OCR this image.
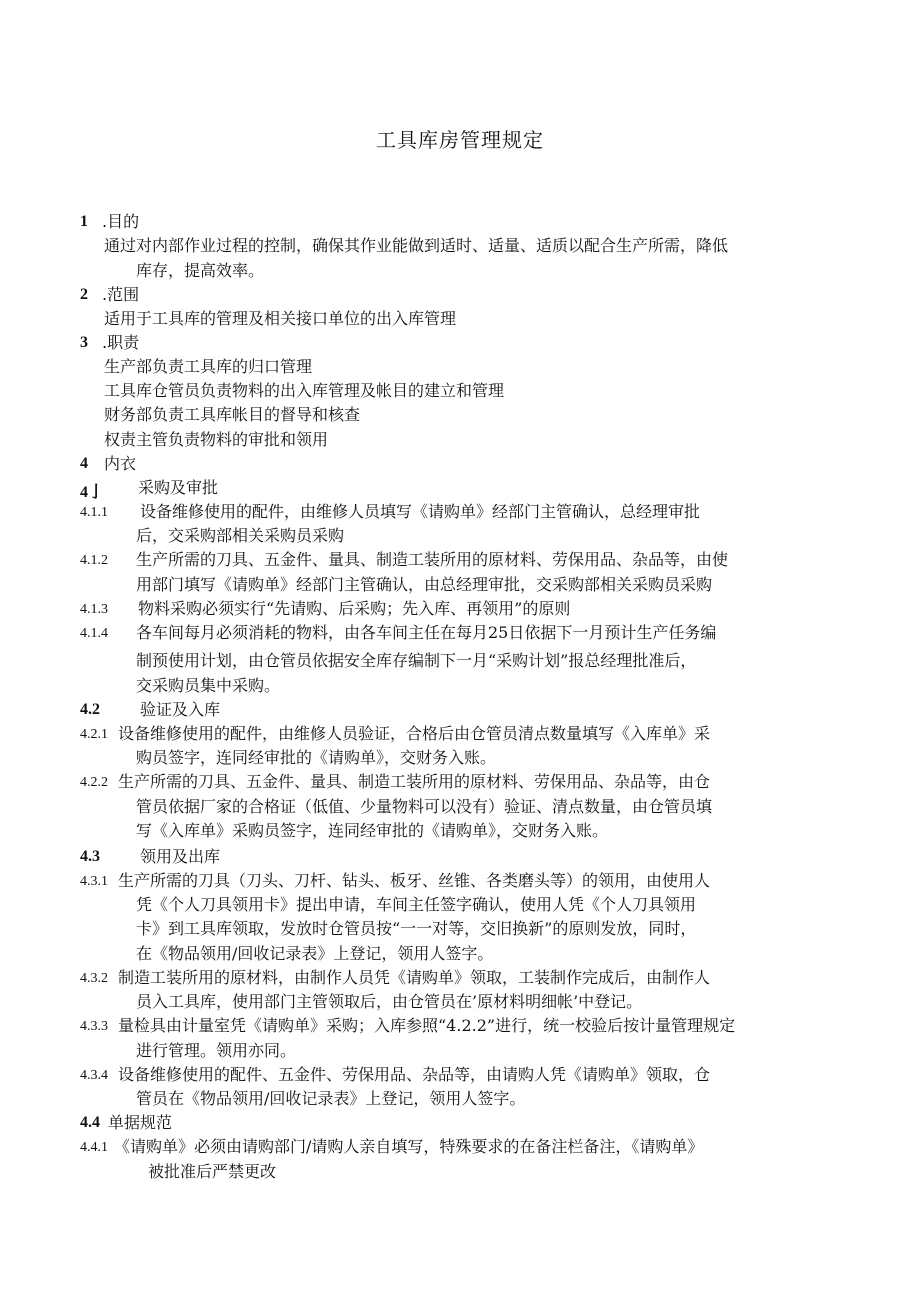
工具库房管理规定
1 .目的
通过对内部作业过程的控制，确保其作业能做到适时、适量、适质以配合生产所需，降低
库存，提高效率。
2 .范围
适用于工具库的管理及相关接口单位的出入库管理
3 .职责
生产部负责工具库的归口管理
工具库仓管员负责物料的出入库管理及帐目的建立和管理
财务部负责工具库帐目的督导和核查
权责主管负责物料的审批和领用
4 内衣
4亅 采购及审批
4.1.1 设备维修使用的配件，由维修人员填写《请购单》经部门主管确认，总经理审批
后，交采购部相关采购员采购
4.1.2 生产所需的刀具、五金件、量具、制造工装所用的原材料、劳保用品、杂品等，由使
用部门填写《请购单》经部门主管确认，由总经理审批，交采购部相关采购员采购
4.1.3 物料采购必须实行“先请购、后采购；先入库、再领用”的原则
4.1.4 各车间每月必须消耗的物料，由各车间主任在每月25日依据下一月预计生产任务编
制预使用计划，由仓管员依据安全库存编制下一月“采购计划”报总经理批准后，
交采购员集中采购。
4.2	验证及入库
4.2.1 设备维修使用的配件，由维修人员验证，合格后由仓管员清点数量填写《入库单》采
购员签字，连同经审批的《请购单》，交财务入账。
4.2.2 生产所需的刀具、五金件、量具、制造工装所用的原材料、劳保用品、杂品等，由仓
管员依据厂家的合格证（低值、少量物料可以没有）验证、清点数量，由仓管员填
写《入库单》采购员签字，连同经审批的《请购单》，交财务入账。
4.3	领用及出库
4.3.1 生产所需的刀具（刀头、刀杆、钻头、板牙、丝锥、各类磨头等）的领用，由使用人
凭《个人刀具领用卡》提出申请，车间主任签字确认，使用人凭《个人刀具领用
卡》到工具库领取，发放时仓管员按“一一对等，交旧换新”的原则发放，同时，
在《物品领用/回收记录表》上登记，领用人签字。
4.3.2 制造工装所用的原材料，由制作人员凭《请购单》领取，工装制作完成后，由制作人
员入工具库，使用部门主管领取后，由仓管员在’原材料明细帐’中登记。
4.3.3 量检具由计量室凭《请购单》采购；入库参照“4.2.2”进行，统一校验后按计量管理规定
进行管理。领用亦同。
4.3.4 设备维修使用的配件、五金件、劳保用品、杂品等，由请购人凭《请购单》领取，仓
管员在《物品领用/回收记录表》上登记，领用人签字。
4.4 单据规范
4.4.1 《请购单》必须由请购部门/请购人亲自填写，特殊要求的在备注栏备注，《请购单》
被批准后严禁更改
